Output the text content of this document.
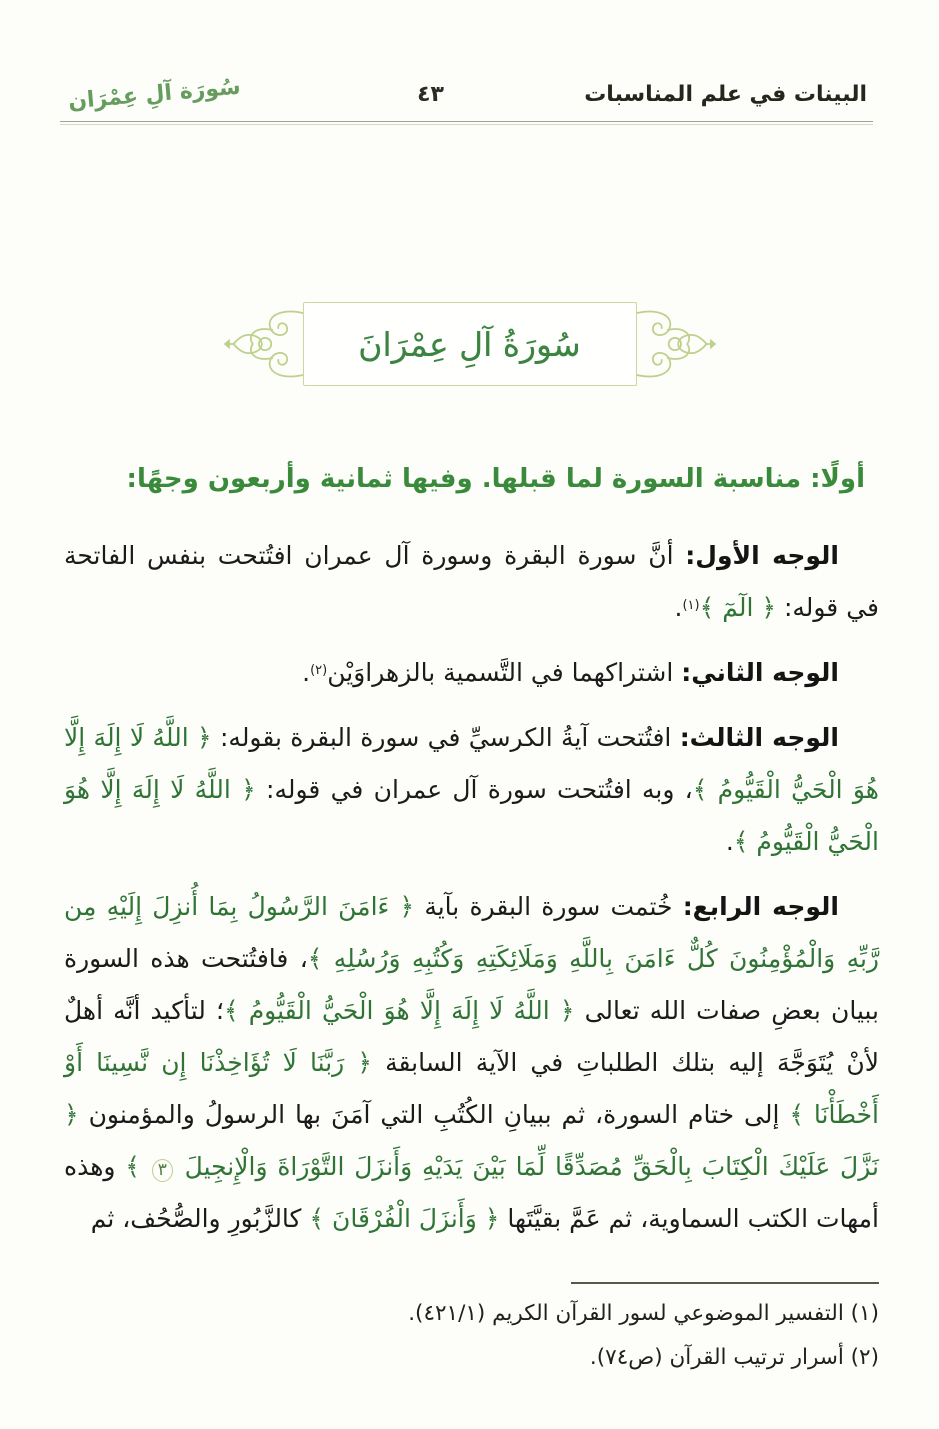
البينات في علم المناسبات
٤٣
سُورَة آلِ عِمْرَان
سُورَةُ آلِ عِمْرَانَ
أولًا: مناسبة السورة لما قبلها. وفيها ثمانية وأربعون وجهًا:

الوجه الأول: أنَّ سورة البقرة وسورة آل عمران افتُتحت بنفس الفاتحة في قوله: ﴿ الٓمٓ ﴾$^{(١)}$.

الوجه الثاني: اشتراكهما في التَّسمية بالزهراوَيْن$^{(٢)}$.

الوجه الثالث: افتُتحت آيةُ الكرسيِّ في سورة البقرة بقوله: ﴿ اللَّهُ لَا إِلَهَ إِلَّا هُوَ الْحَيُّ الْقَيُّومُ ﴾، وبه افتُتحت سورة آل عمران في قوله: ﴿ اللَّهُ لَا إِلَهَ إِلَّا هُوَ الْحَيُّ الْقَيُّومُ ﴾.

الوجه الرابع: خُتمت سورة البقرة بآية ﴿ ءَامَنَ الرَّسُولُ بِمَا أُنزِلَ إِلَيْهِ مِن رَّبِّهِ وَالْمُؤْمِنُونَ كُلٌّ ءَامَنَ بِاللَّهِ وَمَلَائِكَتِهِ وَكُتُبِهِ وَرُسُلِهِ ﴾، فافتُتحت هذه السورة ببيان بعضِ صفات الله تعالى ﴿ اللَّهُ لَا إِلَهَ إِلَّا هُوَ الْحَيُّ الْقَيُّومُ ﴾؛ لتأكيد أنَّه أهلٌ لأنْ يُتَوَجَّهَ إليه بتلك الطلباتِ في الآية السابقة ﴿ رَبَّنَا لَا تُؤَاخِذْنَا إِن نَّسِينَا أَوْ أَخْطَأْنَا ﴾ إلى ختام السورة، ثم ببيانِ الكُتُبِ التي آمَنَ بها الرسولُ والمؤمنون ﴿ نَزَّلَ عَلَيْكَ الْكِتَابَ بِالْحَقِّ مُصَدِّقًا لِّمَا بَيْنَ يَدَيْهِ وَأَنزَلَ التَّوْرَاةَ وَالْإِنجِيلَ ٣ ﴾ وهذه أمهات الكتب السماوية، ثم عَمَّ بقيَّتَها ﴿ وَأَنزَلَ الْفُرْقَانَ ﴾ كالزَّبُورِ والصُّحُف، ثم

(١) التفسير الموضوعي لسور القرآن الكريم (٤٢١/١).

(٢) أسرار ترتيب القرآن (ص٧٤).
